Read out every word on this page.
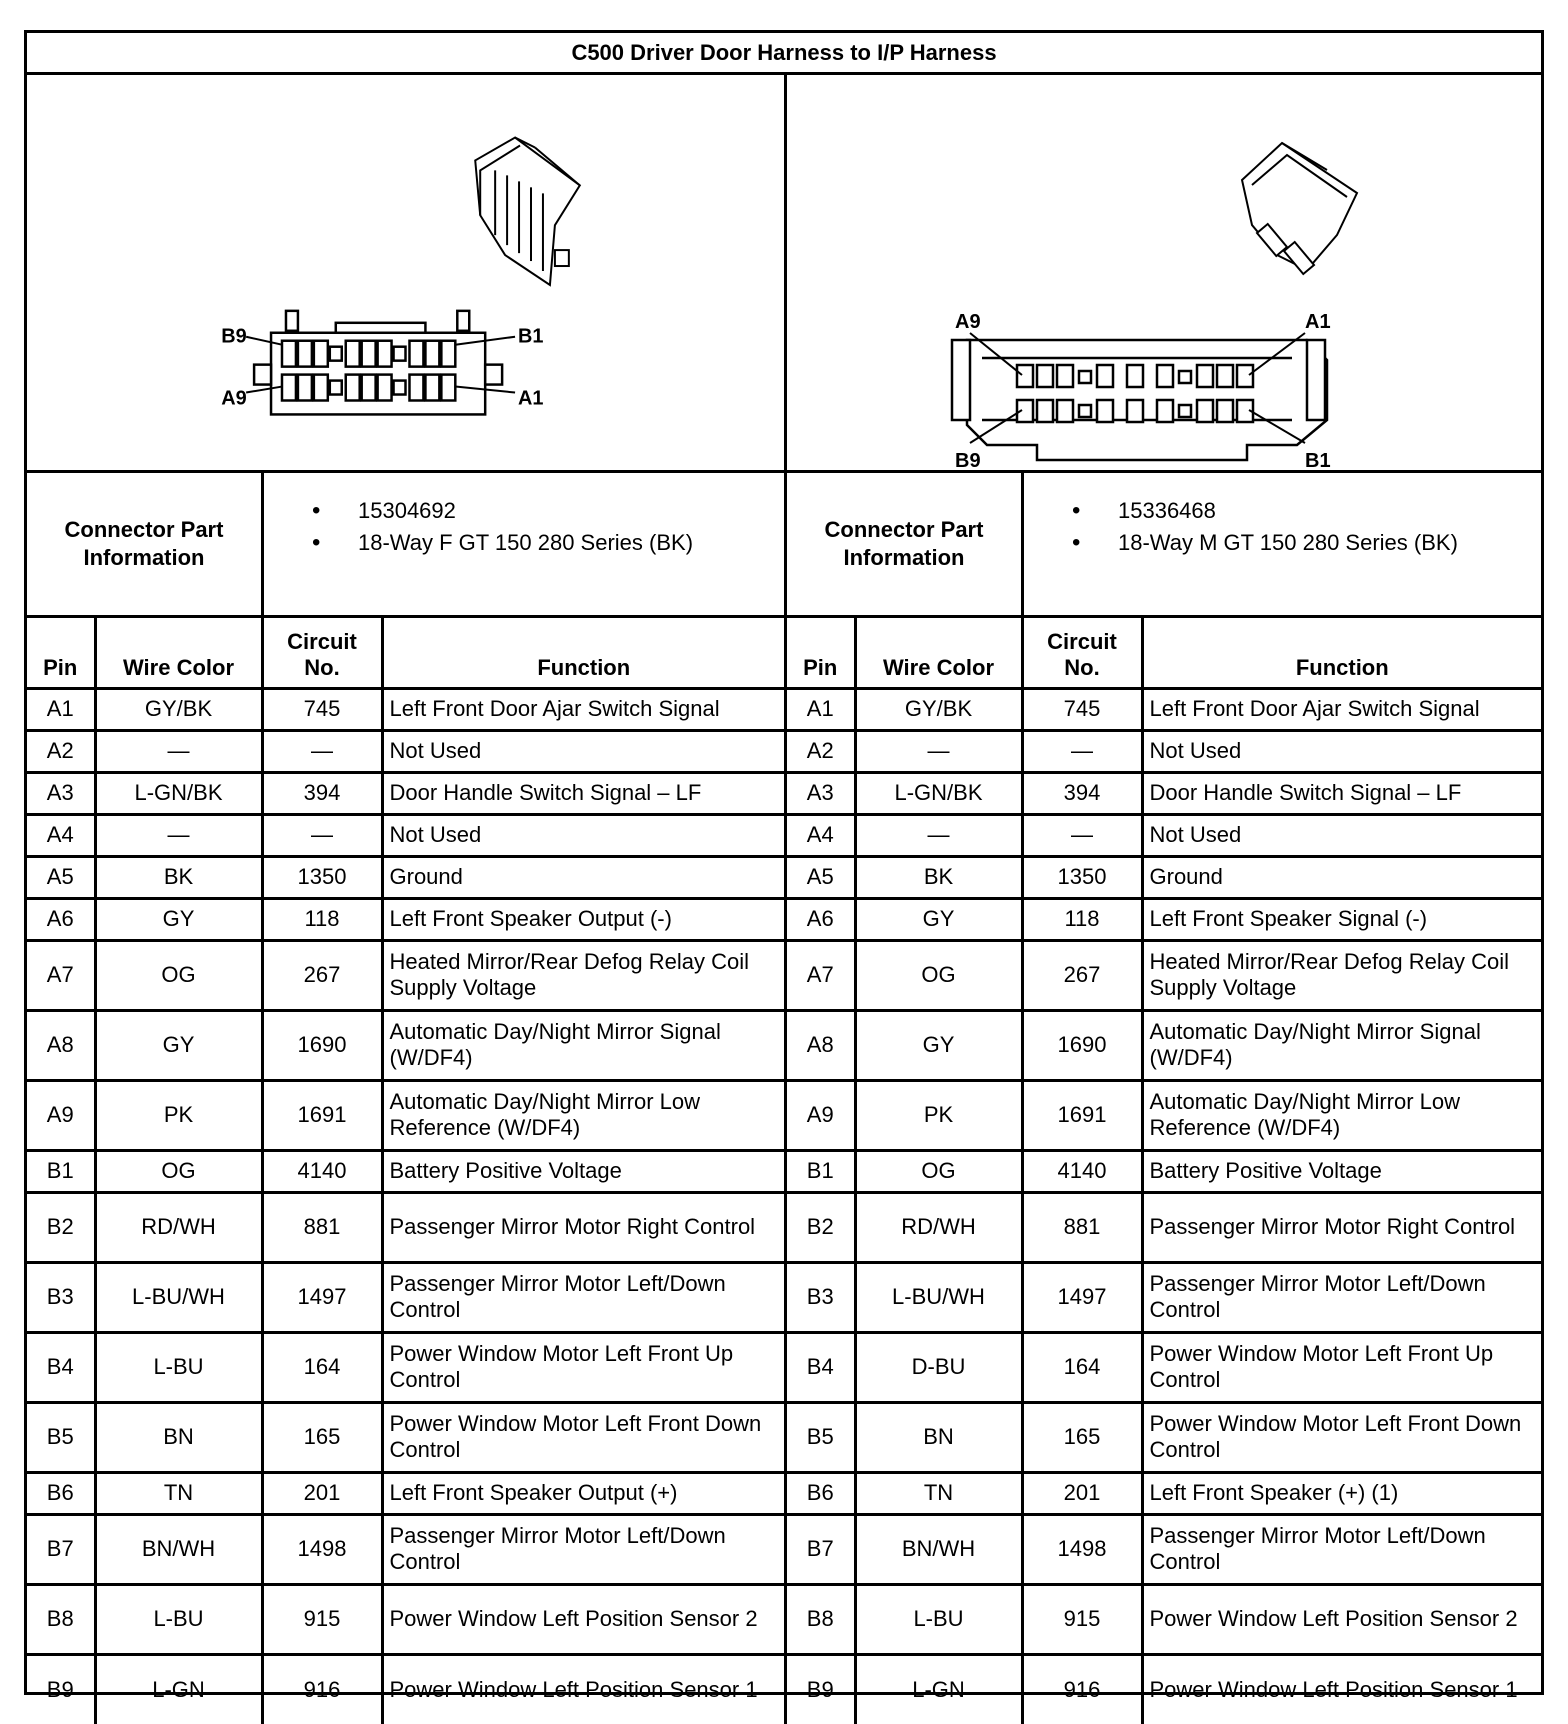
C500 Driver Door Harness to I/P Harness
B9	B1
A9	A1
A9	A1
B9	B1
Connector Part Information
• 15304692
• 18-Way F GT 150 280 Series (BK)
Connector Part Information
• 15336468
• 18-Way M GT 150 280 Series (BK)
Pin	Wire Color	Circuit No.	Function
A1	GY/BK	745	Left Front Door Ajar Switch Signal
A2	—	—	Not Used
A3	L-GN/BK	394	Door Handle Switch Signal – LF
A4	—	—	Not Used
A5	BK	1350	Ground
A6	GY	118	Left Front Speaker Output (-)
A7	OG	267	Heated Mirror/Rear Defog Relay Coil Supply Voltage
A8	GY	1690	Automatic Day/Night Mirror Signal (W/DF4)
A9	PK	1691	Automatic Day/Night Mirror Low Reference (W/DF4)
B1	OG	4140	Battery Positive Voltage
B2	RD/WH	881	Passenger Mirror Motor Right Control
B3	L-BU/WH	1497	Passenger Mirror Motor Left/Down Control
B4	L-BU	164	Power Window Motor Left Front Up Control
B5	BN	165	Power Window Motor Left Front Down Control
B6	TN	201	Left Front Speaker Output (+)
B7	BN/WH	1498	Passenger Mirror Motor Left/Down Control
B8	L-BU	915	Power Window Left Position Sensor 2
B9	L-GN	916	Power Window Left Position Sensor 1
Pin	Wire Color	Circuit No.	Function
A1	GY/BK	745	Left Front Door Ajar Switch Signal
A2	—	—	Not Used
A3	L-GN/BK	394	Door Handle Switch Signal – LF
A4	—	—	Not Used
A5	BK	1350	Ground
A6	GY	118	Left Front Speaker Signal (-)
A7	OG	267	Heated Mirror/Rear Defog Relay Coil Supply Voltage
A8	GY	1690	Automatic Day/Night Mirror Signal (W/DF4)
A9	PK	1691	Automatic Day/Night Mirror Low Reference (W/DF4)
B1	OG	4140	Battery Positive Voltage
B2	RD/WH	881	Passenger Mirror Motor Right Control
B3	L-BU/WH	1497	Passenger Mirror Motor Left/Down Control
B4	D-BU	164	Power Window Motor Left Front Up Control
B5	BN	165	Power Window Motor Left Front Down Control
B6	TN	201	Left Front Speaker (+) (1)
B7	BN/WH	1498	Passenger Mirror Motor Left/Down Control
B8	L-BU	915	Power Window Left Position Sensor 2
B9	L-GN	916	Power Window Left Position Sensor 1
